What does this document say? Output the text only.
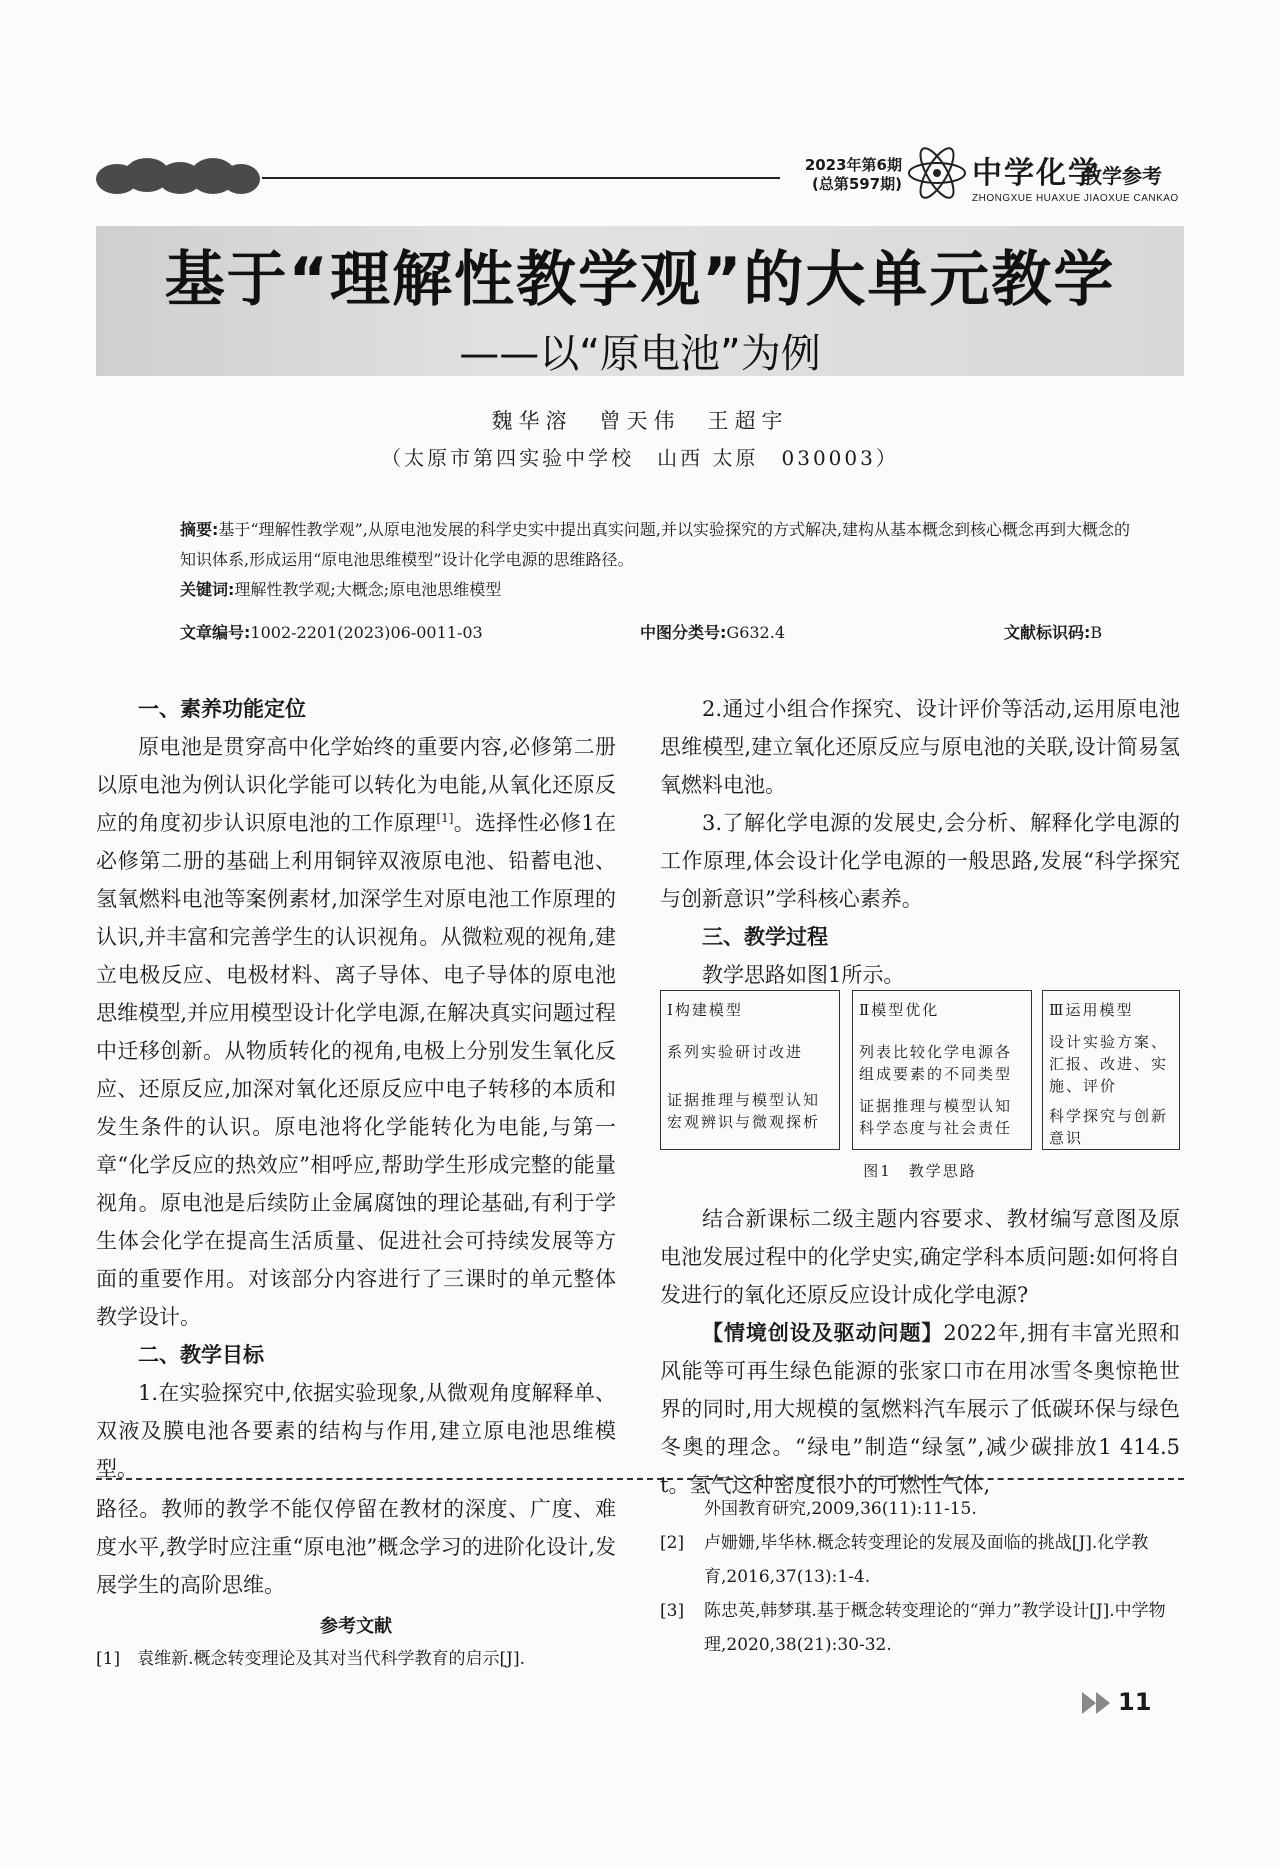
2023年第6期
(总第597期) 中学化学
教学参考
ZHONGXUE HUAXUE JIAOXUE CANKAO
基于“理解性教学观”的大单元教学
——以“原电池”为例
魏华溶　曾天伟　王超宇
（太原市第四实验中学校　山西 太原　030003）
摘要:基于“理解性教学观”,从原电池发展的科学史实中提出真实问题,并以实验探究的方式解决,建构从基本概念到核心概念再到大概念的知识体系,形成运用“原电池思维模型”设计化学电源的思维路径。
关键词:理解性教学观;大概念;原电池思维模型
文章编号:1002-2201(2023)06-0011-03	中图分类号:G632.4	文献标识码:B

一、素养功能定位

原电池是贯穿高中化学始终的重要内容,必修第二册以原电池为例认识化学能可以转化为电能,从氧化还原反应的角度初步认识原电池的工作原理[1]。选择性必修1在必修第二册的基础上利用铜锌双液原电池、铅蓄电池、氢氧燃料电池等案例素材,加深学生对原电池工作原理的认识,并丰富和完善学生的认识视角。从微粒观的视角,建立电极反应、电极材料、离子导体、电子导体的原电池思维模型,并应用模型设计化学电源,在解决真实问题过程中迁移创新。从物质转化的视角,电极上分别发生氧化反应、还原反应,加深对氧化还原反应中电子转移的本质和发生条件的认识。原电池将化学能转化为电能,与第一章“化学反应的热效应”相呼应,帮助学生形成完整的能量视角。原电池是后续防止金属腐蚀的理论基础,有利于学生体会化学在提高生活质量、促进社会可持续发展等方面的重要作用。对该部分内容进行了三课时的单元整体教学设计。

二、教学目标

1.在实验探究中,依据实验现象,从微观角度解释单、双液及膜电池各要素的结构与作用,建立原电池思维模型。

2.通过小组合作探究、设计评价等活动,运用原电池思维模型,建立氧化还原反应与原电池的关联,设计简易氢氧燃料电池。

3.了解化学电源的发展史,会分析、解释化学电源的工作原理,体会设计化学电源的一般思路,发展“科学探究与创新意识”学科核心素养。

三、教学过程

教学思路如图1所示。

Ⅰ构建模型
系列实验研讨改进
证据推理与模型认知宏观辨识与微观探析
Ⅱ模型优化
列表比较化学电源各组成要素的不同类型
证据推理与模型认知科学态度与社会责任
Ⅲ运用模型
设计实验方案、汇报、改进、实施、评价
科学探究与创新意识
图1　教学思路

结合新课标二级主题内容要求、教材编写意图及原电池发展过程中的化学史实,确定学科本质问题:如何将自发进行的氧化还原反应设计成化学电源?

【情境创设及驱动问题】2022年,拥有丰富光照和风能等可再生绿色能源的张家口市在用冰雪冬奥惊艳世界的同时,用大规模的氢燃料汽车展示了低碳环保与绿色冬奥的理念。“绿电”制造“绿氢”,减少碳排放1 414.5 t。氢气这种密度很小的可燃性气体,

路径。教师的教学不能仅停留在教材的深度、广度、难度水平,教学时应注重“原电池”概念学习的进阶化设计,发展学生的高阶思维。
参考文献
[1]　 袁维新.概念转变理论及其对当代科学教育的启示[J].
外国教育研究,2009,36(11):11-15.
[2]	卢姗姗,毕华林.概念转变理论的发展及面临的挑战[J].化学教育,2016,37(13):1-4.
[3]	陈忠英,韩梦琪.基于概念转变理论的“弹力”教学设计[J].中学物理,2020,38(21):30-32.
11
